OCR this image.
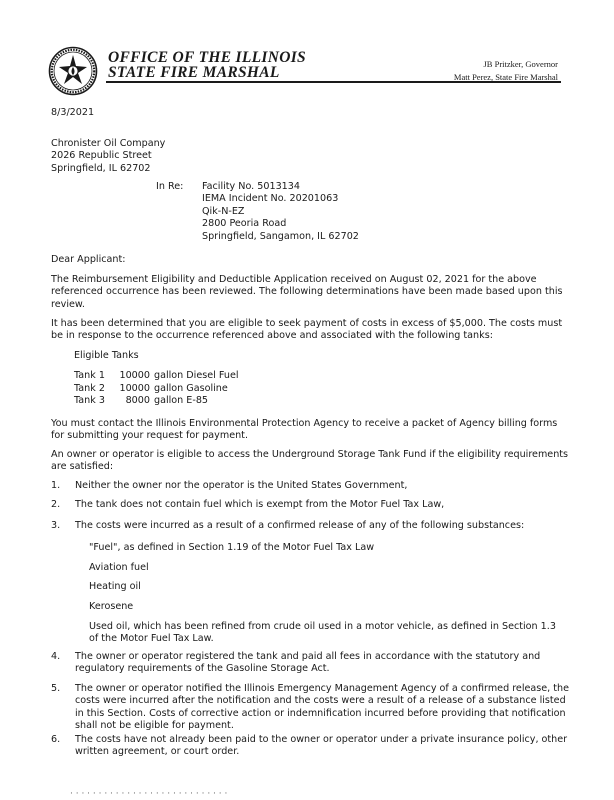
OFFICE OF THE ILLINOIS
STATE FIRE MARSHAL	JB Pritzker, Governor
Matt Perez, State Fire Marshal
8/3/2021
Chronister Oil Company
2026 Republic Street
Springfield, IL 62702
In Re: Facility No. 5013134
IEMA Incident No. 20201063
Qik-N-EZ
2800 Peoria Road
Springfield, Sangamon, IL 62702
Dear Applicant:
The Reimbursement Eligibility and Deductible Application received on August 02, 2021 for the above referenced occurrence has been reviewed. The following determinations have been made based upon this review.
It has been determined that you are eligible to seek payment of costs in excess of $5,000. The costs must be in response to the occurrence referenced above and associated with the following tanks:
Eligible Tanks
Tank 1	10000	gallon Diesel Fuel
Tank 2	10000	gallon Gasoline
Tank 3	8000	gallon E-85
You must contact the Illinois Environmental Protection Agency to receive a packet of Agency billing forms for submitting your request for payment.
An owner or operator is eligible to access the Underground Storage Tank Fund if the eligibility requirements are satisfied:
1. Neither the owner nor the operator is the United States Government,
2. The tank does not contain fuel which is exempt from the Motor Fuel Tax Law,
3. The costs were incurred as a result of a confirmed release of any of the following substances:
"Fuel", as defined in Section 1.19 of the Motor Fuel Tax Law
Aviation fuel
Heating oil
Kerosene
Used oil, which has been refined from crude oil used in a motor vehicle, as defined in Section 1.3 of the Motor Fuel Tax Law.
4. The owner or operator registered the tank and paid all fees in accordance with the statutory and regulatory requirements of the Gasoline Storage Act.
5. The owner or operator notified the Illinois Emergency Management Agency of a confirmed release, the costs were incurred after the notification and the costs were a result of a release of a substance listed in this Section. Costs of corrective action or indemnification incurred before providing that notification shall not be eligible for payment.
6. The costs have not already been paid to the owner or operator under a private insurance policy, other written agreement, or court order.
· · · · · · · · · · · · · · · · · · · · · · · · · · · ·
